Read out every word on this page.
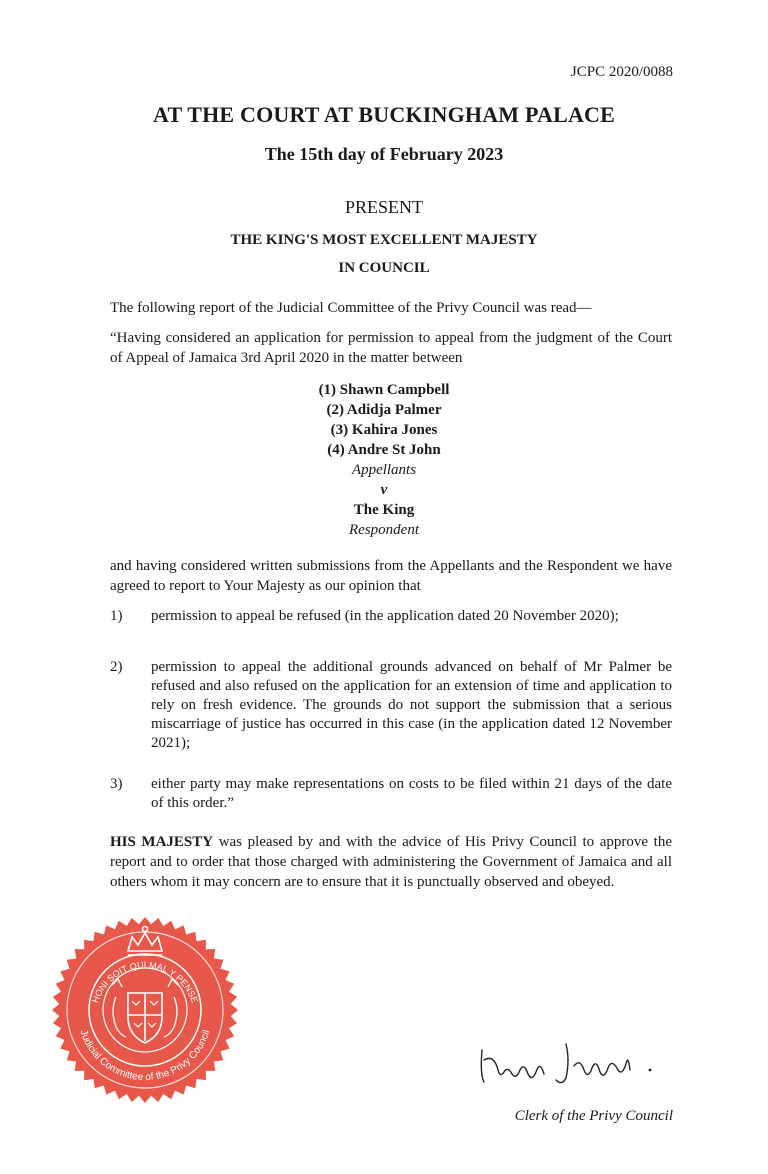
JCPC 2020/0088
AT THE COURT AT BUCKINGHAM PALACE
The 15th day of February 2023
PRESENT
THE KING'S MOST EXCELLENT MAJESTY
IN COUNCIL
The following report of the Judicial Committee of the Privy Council was read—
“Having considered an application for permission to appeal from the judgment of the Court of Appeal of Jamaica 3rd April 2020 in the matter between
(1) Shawn Campbell
(2) Adidja Palmer
(3) Kahira Jones
(4) Andre St John
Appellants
v
The King
Respondent
and having considered written submissions from the Appellants and the Respondent we have agreed to report to Your Majesty as our opinion that
1) permission to appeal be refused (in the application dated 20 November 2020);
2) permission to appeal the additional grounds advanced on behalf of Mr Palmer be refused and also refused on the application for an extension of time and application to rely on fresh evidence. The grounds do not support the submission that a serious miscarriage of justice has occurred in this case (in the application dated 12 November 2021);
3) either party may make representations on costs to be filed within 21 days of the date of this order.”
HIS MAJESTY was pleased by and with the advice of His Privy Council to approve the report and to order that those charged with administering the Government of Jamaica and all others whom it may concern are to ensure that it is punctually observed and obeyed.
Judicial Committee of the Privy Council
HONI SOIT QUI MAL Y PENSE
Clerk of the Privy Council
